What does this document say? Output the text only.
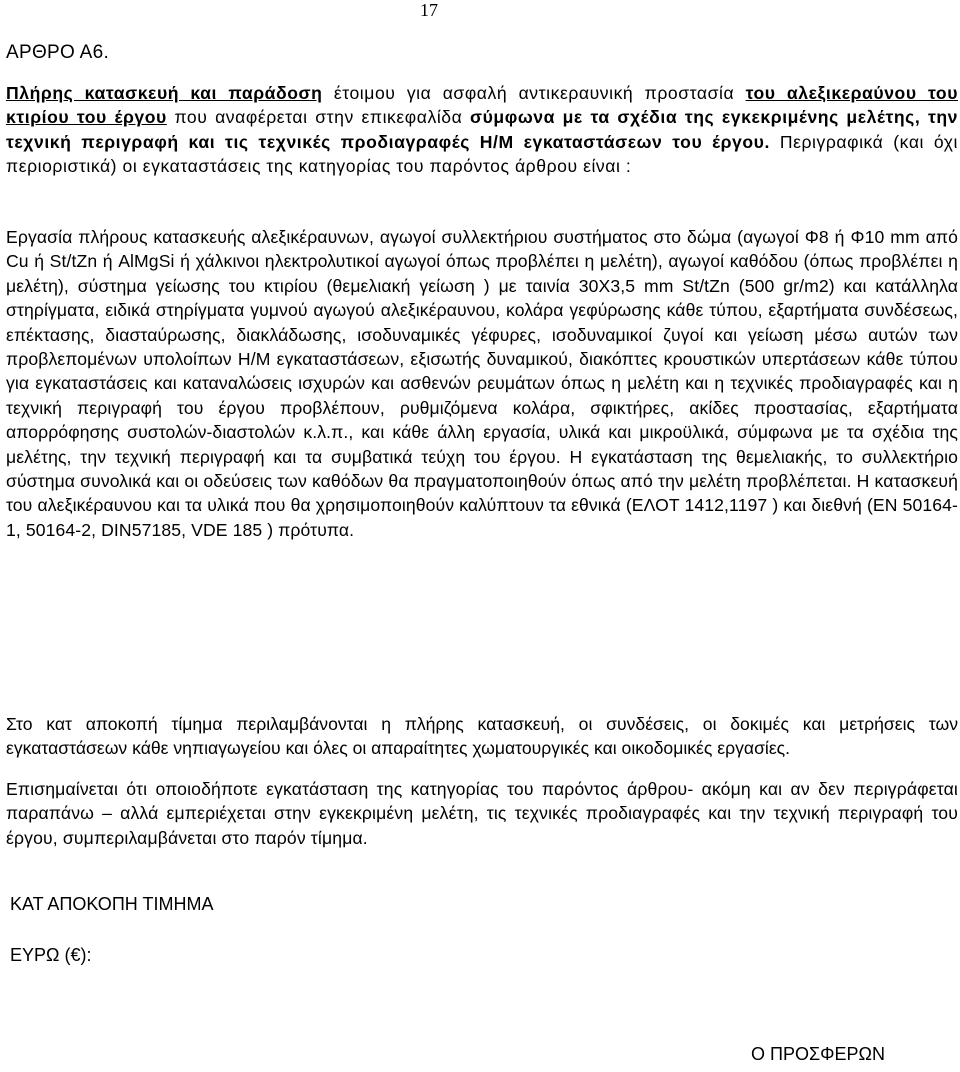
17
ΑΡΘΡΟ Α6.
Πλήρης κατασκευή και παράδοση έτοιμου για ασφαλή αντικεραυνική προστασία του αλεξικεραύνου του κτιρίου του έργου που αναφέρεται στην επικεφαλίδα σύμφωνα με τα σχέδια της εγκεκριμένης μελέτης, την τεχνική περιγραφή και τις τεχνικές προδιαγραφές Η/Μ εγκαταστάσεων του έργου. Περιγραφικά (και όχι περιοριστικά) οι εγκαταστάσεις της κατηγορίας του παρόντος άρθρου είναι :
Εργασία πλήρους κατασκευής αλεξικέραυνων, αγωγοί συλλεκτήριου συστήματος στο δώμα (αγωγοί Φ8 ή Φ10 mm από Cu ή St/tZn ή AlMgSi ή χάλκινοι ηλεκτρολυτικοί αγωγοί όπως προβλέπει η μελέτη), αγωγοί καθόδου (όπως προβλέπει η μελέτη), σύστημα γείωσης του κτιρίου (θεμελιακή γείωση ) με ταινία 30Χ3,5 mm St/tZn (500 gr/m2) και κατάλληλα στηρίγματα, ειδικά στηρίγματα γυμνού αγωγού αλεξικέραυνου, κολάρα γεφύρωσης κάθε τύπου, εξαρτήματα συνδέσεως, επέκτασης, διασταύρωσης, διακλάδωσης, ισοδυναμικές γέφυρες, ισοδυναμικοί ζυγοί και γείωση μέσω αυτών των προβλεπομένων υπολοίπων Η/Μ εγκαταστάσεων, εξισωτής δυναμικού, διακόπτες κρουστικών υπερτάσεων κάθε τύπου για εγκαταστάσεις και καταναλώσεις ισχυρών και ασθενών ρευμάτων όπως η μελέτη και η τεχνικές προδιαγραφές και η τεχνική περιγραφή του έργου προβλέπουν, ρυθμιζόμενα κολάρα, σφικτήρες, ακίδες προστασίας, εξαρτήματα απορρόφησης συστολών-διαστολών κ.λ.π., και κάθε άλλη εργασία, υλικά και μικροϋλικά, σύμφωνα με τα σχέδια της μελέτης, την τεχνική περιγραφή και τα συμβατικά τεύχη του έργου. Η εγκατάσταση της θεμελιακής, το συλλεκτήριο σύστημα συνολικά και οι οδεύσεις των καθόδων θα πραγματοποιηθούν όπως από την μελέτη προβλέπεται. Η κατασκευή του αλεξικέραυνου και τα υλικά που θα χρησιμοποιηθούν καλύπτουν τα εθνικά (ΕΛΟΤ 1412,1197 ) και διεθνή (ΕΝ 50164-1, 50164-2, DIN57185, VDE 185 ) πρότυπα.
Στο κατ αποκοπή τίμημα περιλαμβάνονται η πλήρης κατασκευή, οι συνδέσεις, οι δοκιμές και μετρήσεις των εγκαταστάσεων κάθε νηπιαγωγείου και όλες οι απαραίτητες χωματουργικές και οικοδομικές εργασίες.
Επισημαίνεται ότι οποιοδήποτε εγκατάσταση της κατηγορίας του παρόντος άρθρου- ακόμη και αν δεν περιγράφεται παραπάνω – αλλά εμπεριέχεται στην εγκεκριμένη μελέτη, τις τεχνικές προδιαγραφές και την τεχνική περιγραφή του έργου, συμπεριλαμβάνεται στο παρόν τίμημα.
ΚΑΤ ΑΠΟΚΟΠΗ ΤΙΜΗΜΑ
ΕΥΡΩ (€):
Ο ΠΡΟΣΦΕΡΩΝ
